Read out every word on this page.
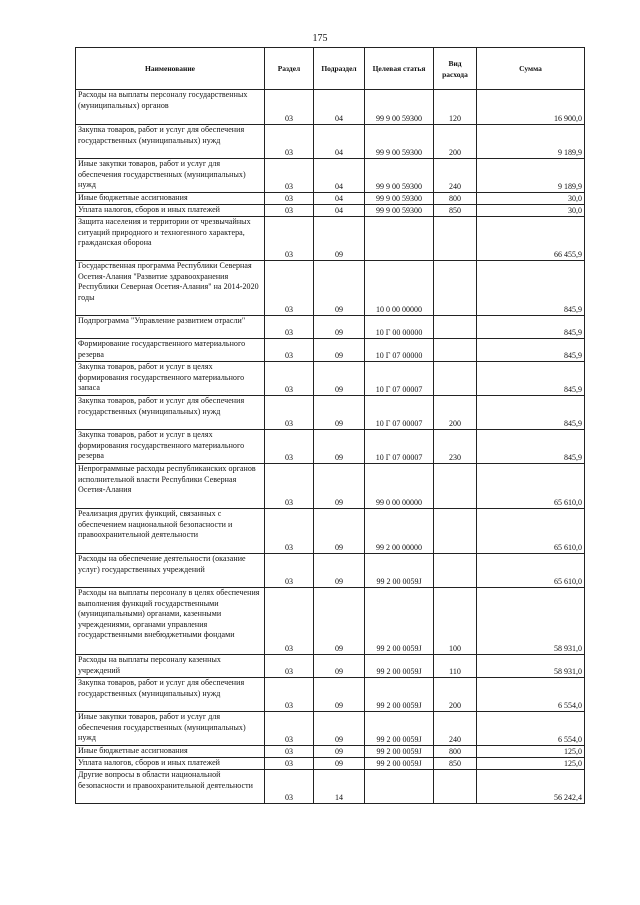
175
Наименование	Раздел	Подраздел	Целевая статья	Вид расхода	Сумма

Расходы на выплаты персоналу государственных (муниципальных) органов	03	04	99 9 00 59300	120	16 900,0

Закупка товаров, работ и услуг для обеспечения государственных (муниципальных) нужд	03	04	99 9 00 59300	200	9 189,9

Иные закупки товаров, работ и услуг для обеспечения государственных (муниципальных) нужд	03	04	99 9 00 59300	240	9 189,9

Иные бюджетные ассигнования	03	04	99 9 00 59300	800	30,0

Уплата налогов, сборов и иных платежей	03	04	99 9 00 59300	850	30,0

Защита населения и территории от чрезвычайных ситуаций природного и техногенного характера, гражданская оборона	03	09			66 455,9

Государственная программа Республики Северная Осетия-Алания "Развитие здравоохранения Республики Северная Осетия-Алания" на 2014-2020 годы	03	09	10 0 00 00000		845,9

Подпрограмма "Управление развитием отрасли"	03	09	10 Г 00 00000		845,9

Формирование государственного материального резерва	03	09	10 Г 07 00000		845,9

Закупка товаров, работ и услуг в целях формирования государственного материального запаса	03	09	10 Г 07 00007		845,9

Закупка товаров, работ и услуг для обеспечения государственных (муниципальных) нужд	03	09	10 Г 07 00007	200	845,9

Закупка товаров, работ и услуг в целях формирования государственного материального резерва	03	09	10 Г 07 00007	230	845,9

Непрограммные расходы республиканских органов исполнительной власти Республики Северная Осетия-Алания	03	09	99 0 00 00000		65 610,0

Реализация других функций, связанных с обеспечением национальной безопасности и правоохранительной деятельности	03	09	99 2 00 00000		65 610,0

Расходы на обеспечение деятельности (оказание услуг) государственных учреждений	03	09	99 2 00 0059Ј		65 610,0

Расходы на выплаты персоналу в целях обеспечения выполнения функций государственными (муниципальными) органами, казенными учреждениями, органами управления государственными внебюджетными фондами	03	09	99 2 00 0059Ј	100	58 931,0

Расходы на выплаты персоналу казенных учреждений	03	09	99 2 00 0059Ј	110	58 931,0

Закупка товаров, работ и услуг для обеспечения государственных (муниципальных) нужд	03	09	99 2 00 0059Ј	200	6 554,0

Иные закупки товаров, работ и услуг для обеспечения государственных (муниципальных) нужд	03	09	99 2 00 0059Ј	240	6 554,0

Иные бюджетные ассигнования	03	09	99 2 00 0059Ј	800	125,0

Уплата налогов, сборов и иных платежей	03	09	99 2 00 0059Ј	850	125,0

Другие вопросы в области национальной безопасности и правоохранительной деятельности	03	14			56 242,4
